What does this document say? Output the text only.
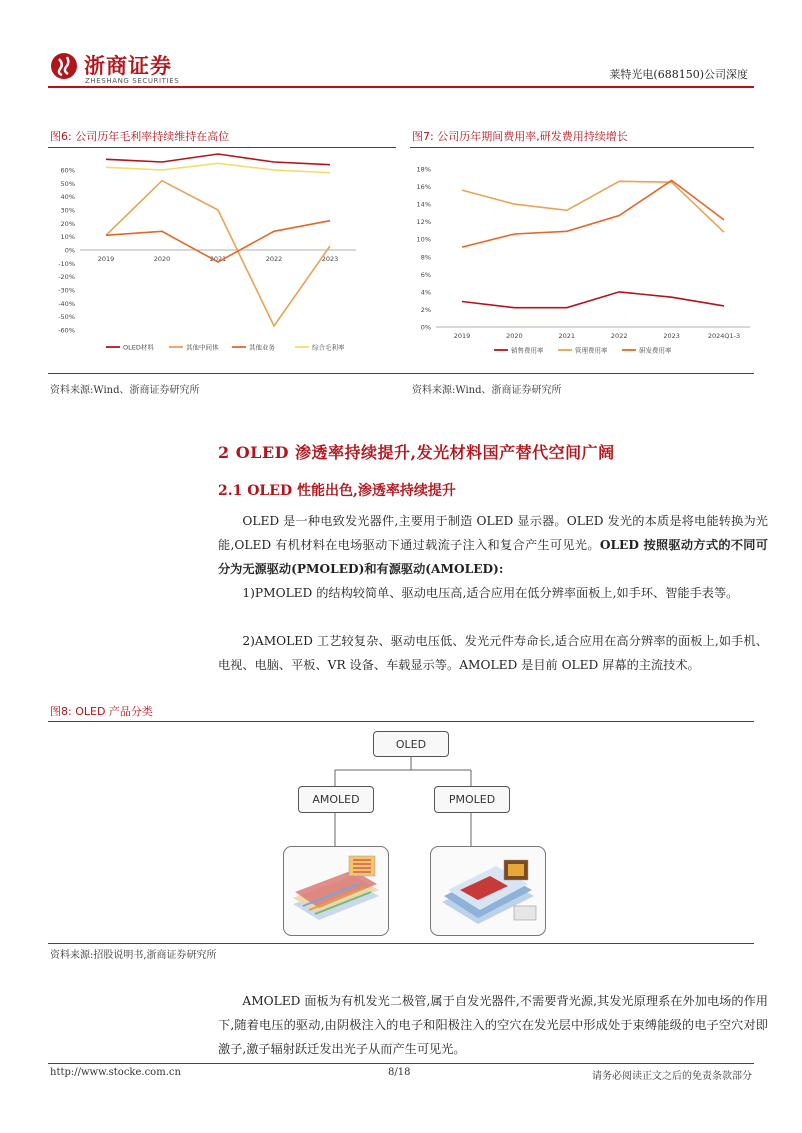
浙商证券
ZHESHANG SECURITIES	莱特光电(688150)公司深度
图6: 公司历年毛利率持续维持在高位
60%
50%
40%
30%
20%
10%
0%
-10%
-20%
-30%
-40%
-50%
-60%
2019	2020	2021	2022	2023
OLED材料	其他中间体	其他业务	综合毛利率
资料来源:Wind、浙商证券研究所
图7: 公司历年期间费用率,研发费用持续增长
18%
16%
14%
12%
10%
8%
6%
4%
2%
0%
2019	2020	2021	2022	2023	2024Q1-3
销售费用率	管理费用率	研发费用率
资料来源:Wind、浙商证券研究所
2 OLED 渗透率持续提升,发光材料国产替代空间广阔
2.1 OLED 性能出色,渗透率持续提升
OLED 是一种电致发光器件,主要用于制造 OLED 显示器。OLED 发光的本质是将电能转换为光能,OLED 有机材料在电场驱动下通过载流子注入和复合产生可见光。OLED 按照驱动方式的不同可分为无源驱动(PMOLED)和有源驱动(AMOLED):
1)PMOLED 的结构较简单、驱动电压高,适合应用在低分辨率面板上,如手环、智能手表等。
2)AMOLED 工艺较复杂、驱动电压低、发光元件寿命长,适合应用在高分辨率的面板上,如手机、电视、电脑、平板、VR 设备、车载显示等。AMOLED 是目前 OLED 屏幕的主流技术。
图8: OLED 产品分类
OLED
AMOLED	PMOLED
资料来源:招股说明书,浙商证券研究所
AMOLED 面板为有机发光二极管,属于自发光器件,不需要背光源,其发光原理系在外加电场的作用下,随着电压的驱动,由阴极注入的电子和阳极注入的空穴在发光层中形成处于束缚能级的电子空穴对即激子,激子辐射跃迁发出光子从而产生可见光。
http://www.stocke.com.cn	8/18	请务必阅读正文之后的免责条款部分
